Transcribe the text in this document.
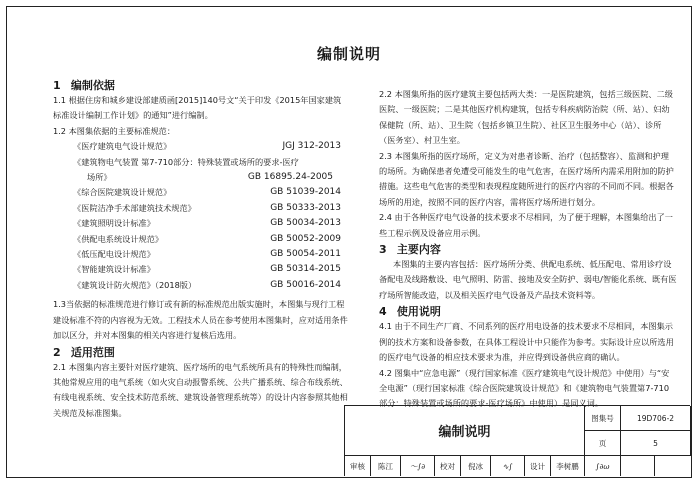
编制说明
1 编制依据

1.1 根据住房和城乡建设部建质函[2015]140号文“关于印发《2015年国家建筑标准设计编制工作计划》的通知”进行编制。

1.2 本图集依据的主要标准规范：

《医疗建筑电气设计规范》	JGJ 312-2013
《建筑物电气装置 第7-710部分：特殊装置或场所的要求-医疗
场所》	GB 16895.24-2005
《综合医院建筑设计规范》	GB 51039-2014
《医院洁净手术部建筑技术规范》	GB 50333-2013
《建筑照明设计标准》	GB 50034-2013
《供配电系统设计规范》	GB 50052-2009
《低压配电设计规范》	GB 50054-2011
《智能建筑设计标准》	GB 50314-2015
《建筑设计防火规范》（2018版）	GB 50016-2014

1.3当依据的标准规范进行修订或有新的标准规范出版实施时，本图集与现行工程建设标准不符的内容视为无效。工程技术人员在参考使用本图集时，应对适用条件加以区分，并对本图集的相关内容进行复核后选用。

2 适用范围

2.1 本图集内容主要针对医疗建筑、医疗场所的电气系统所具有的特殊性而编制，其他常规应用的电气系统（如火灾自动报警系统、公共广播系统、综合布线系统、有线电视系统、安全技术防范系统、建筑设备管理系统等）的设计内容参照其他相关规范及标准图集。

2.2 本图集所指的医疗建筑主要包括两大类：一是医院建筑，包括三级医院、二级医院、一级医院；二是其他医疗机构建筑，包括专科疾病防治院（所、站）、妇幼保健院（所、站）、卫生院（包括乡镇卫生院）、社区卫生服务中心（站）、诊所（医务室）、村卫生室。

2.3 本图集所指的医疗场所，定义为对患者诊断、治疗（包括整容）、监测和护理的场所。为确保患者免遭受可能发生的电气危害，在医疗场所内需采用附加的防护措施。这些电气危害的类型和表现程度随所进行的医疗内容的不同而不同。根据各场所的用途，按照不同的医疗内容，需将医疗场所进行划分。

2.4 由于各种医疗电气设备的技术要求不尽相同，为了便于理解，本图集给出了一些工程示例及设备应用示例。

3 主要内容

本图集的主要内容包括：医疗场所分类、供配电系统、低压配电、常用诊疗设备配电及线路敷设、电气照明、防雷、接地及安全防护、弱电/智能化系统、既有医疗场所智能改造，以及相关医疗电气设备及产品技术资料等。

4 使用说明

4.1 由于不同生产厂商、不同系列的医疗用电设备的技术要求不尽相同，本图集示例的技术方案和设备参数，在具体工程设计中只能作为参考。实际设计应以所选用的医疗电气设备的相应技术要求为准，并应得到设备供应商的确认。

4.2 图集中“应急电源”（现行国家标准《医疗建筑电气设计规范》中使用）与“安全电源”（现行国家标准《综合医院建筑设计规范》和《建筑物电气装置第7-710部分：特殊装置或场所的要求-医疗场所》中使用）是同义词。

编制说明
图集号	19D706-2
页	5
审核	陈江	〜∫∂	校对	倪冰	∿∫	设计	李树鹏	∫∂ω
